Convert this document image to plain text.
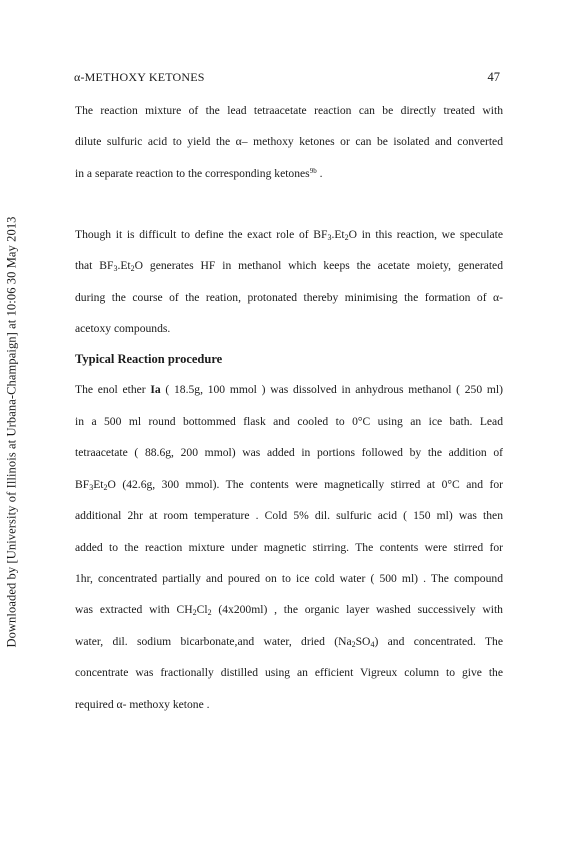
Downloaded by [University of Illinois at Urbana-Champaign] at 10:06 30 May 2013
α-METHOXY KETONES	47
The reaction mixture of the lead tetraacetate reaction can be directly treated with
dilute sulfuric acid to yield the α– methoxy ketones or can be isolated and converted
in a separate reaction to the corresponding ketones$^{9b}$ .
Though it is difficult to define the exact role of $BF_3.Et_2O$ in this reaction, we speculate
that $BF_3.Et_2O$ generates HF in methanol which keeps the acetate moiety, generated
during the course of the reation, protonated thereby minimising the formation of α-
acetoxy compounds.
Typical Reaction procedure
The enol ether Ia ( 18.5g, 100 mmol ) was dissolved in anhydrous methanol ( 250 ml)
in a 500 ml round bottommed flask and cooled to 0°C using an ice bath. Lead
tetraacetate ( 88.6g, 200 mmol) was added in portions followed by the addition of
$BF_3Et_2O$ (42.6g, 300 mmol). The contents were magnetically stirred at 0°C and for
additional 2hr at room temperature . Cold 5% dil. sulfuric acid ( 150 ml) was then
added to the reaction mixture under magnetic stirring. The contents were stirred for
1hr, concentrated partially and poured on to ice cold water ( 500 ml) . The compound
was extracted with $CH_2Cl_2$ (4x200ml) , the organic layer washed successively with
water, dil. sodium bicarbonate,and water, dried $(Na_2SO_4)$ and concentrated. The
concentrate was fractionally distilled using an efficient Vigreux column to give the
required α- methoxy ketone .
